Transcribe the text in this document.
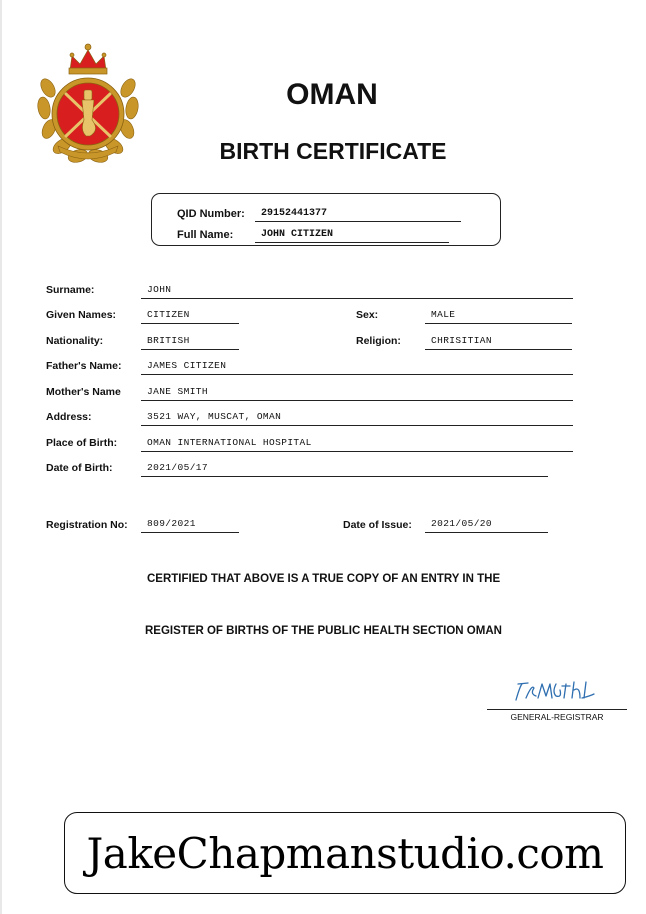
OMAN
BIRTH CERTIFICATE
QID Number:	29152441377
Full Name:	JOHN CITIZEN
Surname:	JOHN
Given Names:	CITIZEN	Sex:	MALE
Nationality:	BRITISH	Religion:	CHRISITIAN
Father's Name:	JAMES CITIZEN
Mother's Name	JANE SMITH
Address:	3521 WAY, MUSCAT, OMAN
Place of Birth:	OMAN INTERNATIONAL HOSPITAL
Date of Birth:	2021/05/17
Registration No:	809/2021	Date of Issue:	2021/05/20
CERTIFIED THAT ABOVE IS A TRUE COPY OF AN ENTRY IN THE
REGISTER OF BIRTHS OF THE PUBLIC HEALTH SECTION OMAN
GENERAL-REGISTRAR
JakeChapmanstudio.com
